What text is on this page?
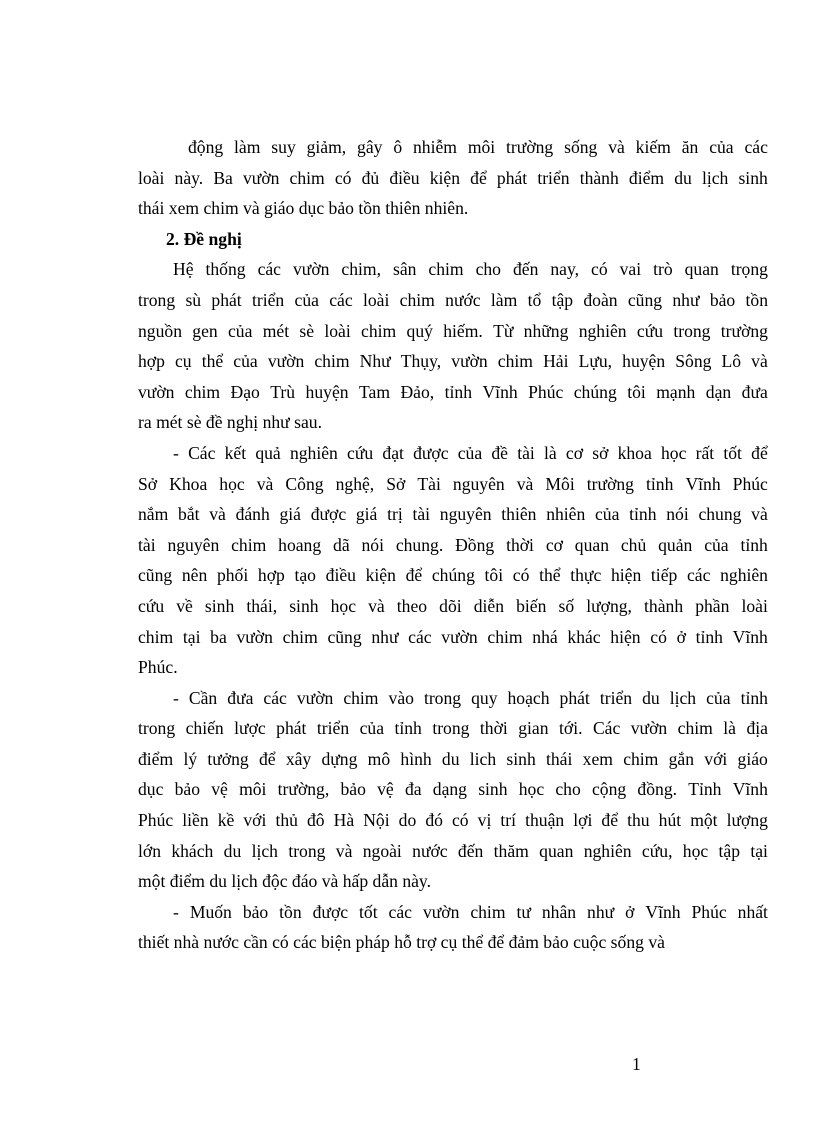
động làm suy giảm, gây ô nhiễm môi trường sống và kiếm ăn của các
loài này. Ba vườn chim có đủ điều kiện để phát triển thành điểm du lịch sinh
thái xem chim và giáo dục bảo tồn thiên nhiên.
2. Đề nghị
Hệ thống các vườn chim, sân chim cho đến nay, có vai trò quan trọng
trong sù phát triển của các loài chim nước làm tổ tập đoàn cũng như bảo tồn
nguồn gen của mét sè loài chim quý hiếm. Từ những nghiên cứu trong trường
hợp cụ thể của vườn chim Như Thụy, vườn chim Hải Lựu, huyện Sông Lô và
vườn chim Đạo Trù huyện Tam Đảo, tỉnh Vĩnh Phúc chúng tôi mạnh dạn đưa
ra mét sè đề nghị như sau.
- Các kết quả nghiên cứu đạt được của đề tài là cơ sở khoa học rất tốt để
Sở Khoa học và Công nghệ, Sở Tài nguyên và Môi trường tỉnh Vĩnh Phúc
nắm bắt và đánh giá được giá trị tài nguyên thiên nhiên của tỉnh nói chung và
tài nguyên chim hoang dã nói chung. Đồng thời cơ quan chủ quản của tỉnh
cũng nên phối hợp tạo điều kiện để chúng tôi có thể thực hiện tiếp các nghiên
cứu về sinh thái, sinh học và theo dõi diễn biến số lượng, thành phần loài
chim tại ba vườn chim cũng như các vườn chim nhá khác hiện có ở tỉnh Vĩnh
Phúc.
- Cần đưa các vườn chim vào trong quy hoạch phát triển du lịch của tỉnh
trong chiến lược phát triển của tỉnh trong thời gian tới. Các vườn chim là địa
điểm lý tưởng để xây dựng mô hình du lich sinh thái xem chim gắn với giáo
dục bảo vệ môi trường, bảo vệ đa dạng sinh học cho cộng đồng. Tỉnh Vĩnh
Phúc liền kề với thủ đô Hà Nội do đó có vị trí thuận lợi để thu hút một lượng
lớn khách du lịch trong và ngoài nước đến thăm quan nghiên cứu, học tập tại
một điểm du lịch độc đáo và hấp dẫn này.
- Muốn bảo tồn được tốt các vườn chim tư nhân như ở Vĩnh Phúc nhất
thiết nhà nước cần có các biện pháp hỗ trợ cụ thể để đảm bảo cuộc sống và
1
